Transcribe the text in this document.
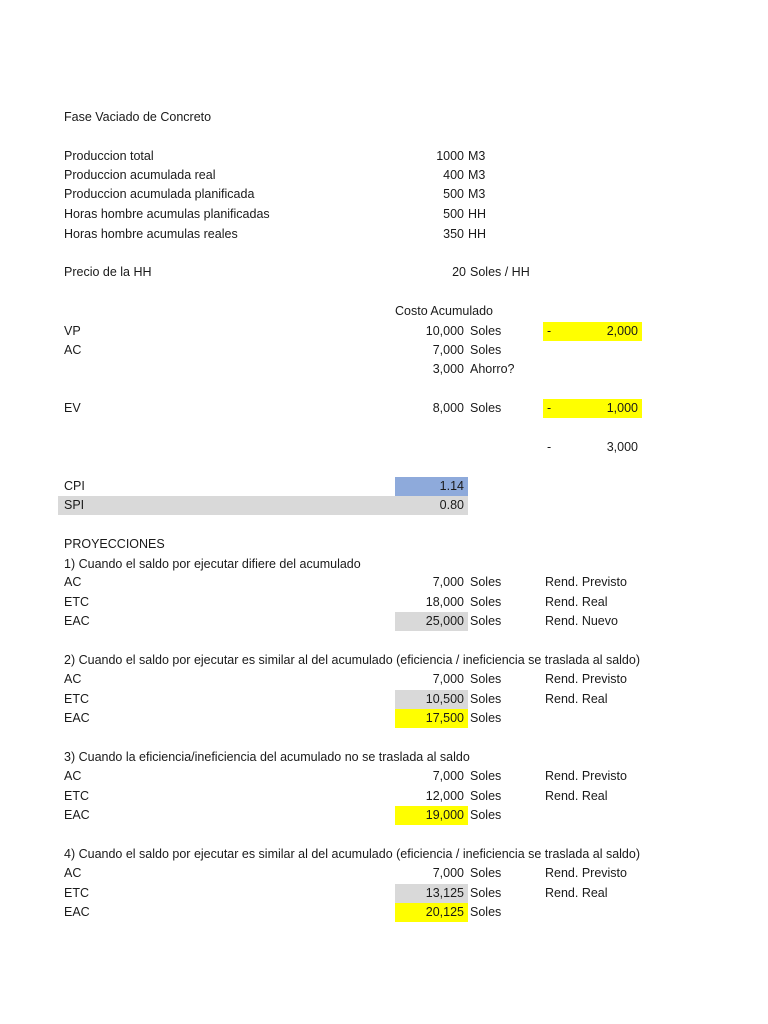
Fase Vaciado de Concreto
Produccion total	1000 M3
Produccion acumulada real	400 M3
Produccion acumulada planificada	500 M3
Horas hombre acumulas planificadas	500 HH
Horas hombre acumulas reales	350 HH
Precio de la HH	20 Soles / HH
Costo Acumulado
VP	10,000 Soles	-	2,000
AC	7,000 Soles
3,000 Ahorro?
EV	8,000 Soles	-	1,000
-	3,000
CPI	1.14
SPI	0.80
PROYECCIONES
1) Cuando el saldo por ejecutar difiere del acumulado
AC	7,000 Soles	Rend. Previsto
ETC	18,000 Soles	Rend. Real
EAC	25,000 Soles	Rend. Nuevo
2) Cuando el saldo por ejecutar es similar al del acumulado (eficiencia / ineficiencia se traslada al saldo)
AC	7,000 Soles	Rend. Previsto
ETC	10,500 Soles	Rend. Real
EAC	17,500 Soles
3) Cuando la eficiencia/ineficiencia del acumulado no se traslada al saldo
AC	7,000 Soles	Rend. Previsto
ETC	12,000 Soles	Rend. Real
EAC	19,000 Soles
4) Cuando el saldo por ejecutar es similar al del acumulado (eficiencia / ineficiencia se traslada al saldo)
AC	7,000 Soles	Rend. Previsto
ETC	13,125 Soles	Rend. Real
EAC	20,125 Soles
